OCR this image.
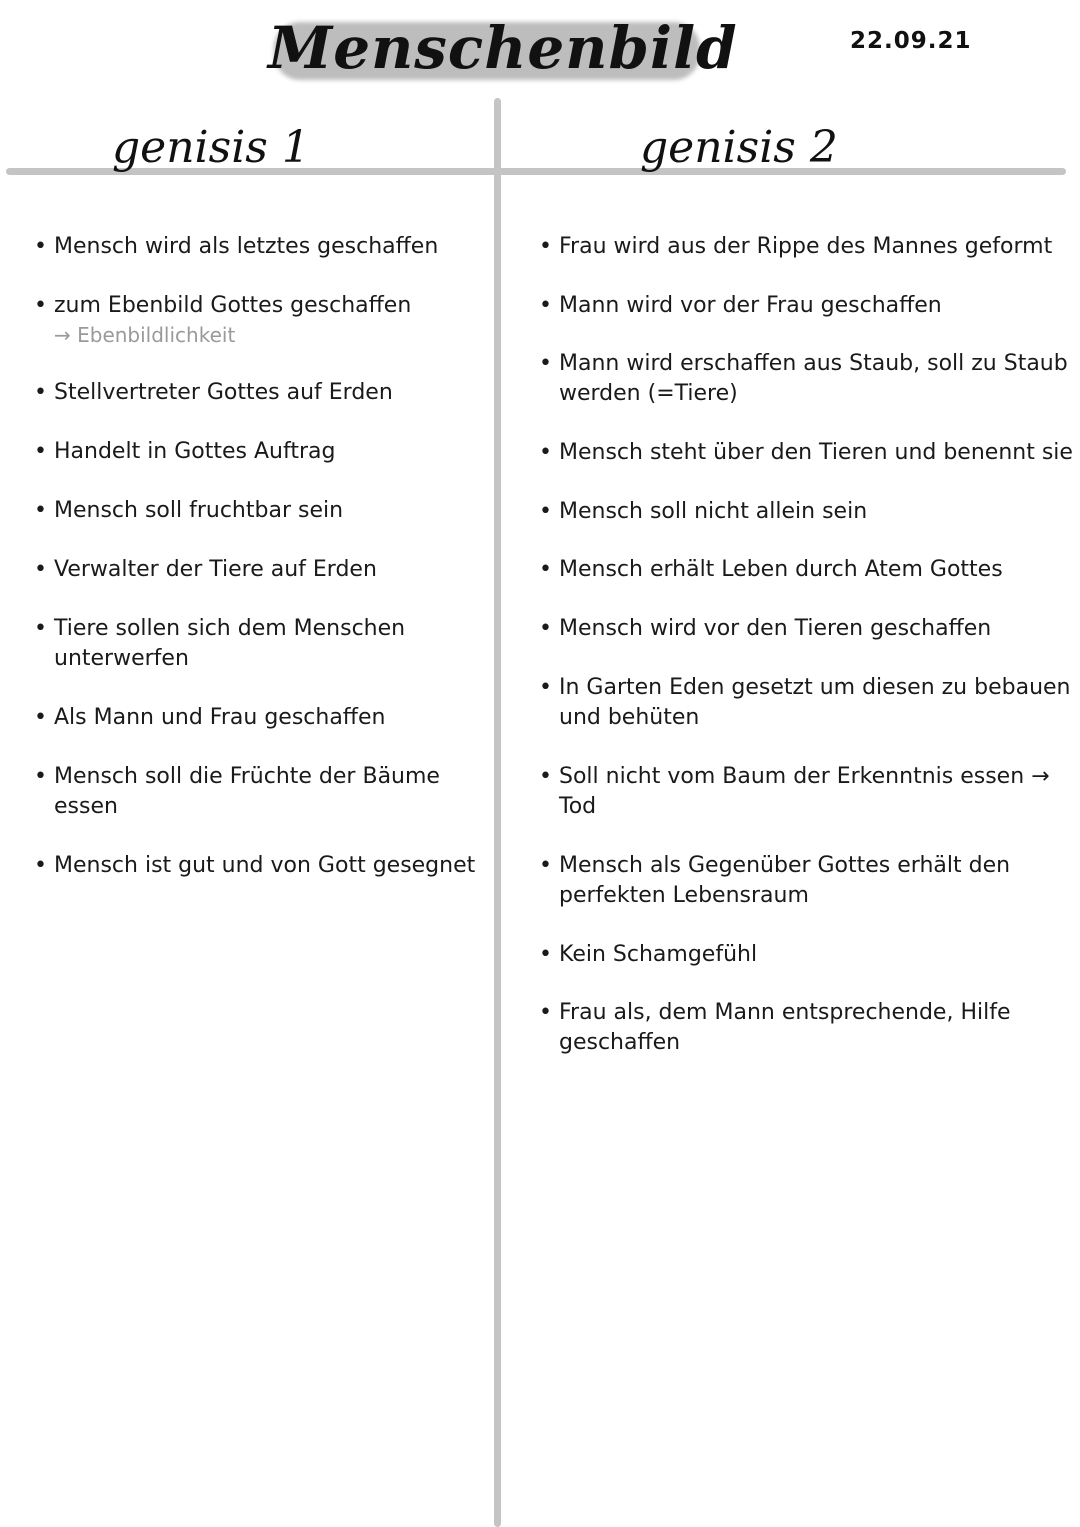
Menschenbild	22.09.21
genisis 1	genisis 2
• Mensch wird als letztes geschaffen
• zum Ebenbild Gottes geschaffen
→ Ebenbildlichkeit
• Stellvertreter Gottes auf Erden
• Handelt in Gottes Auftrag
• Mensch soll fruchtbar sein
• Verwalter der Tiere auf Erden
• Tiere sollen sich dem Menschen unterwerfen
• Als Mann und Frau geschaffen
• Mensch soll die Früchte der Bäume essen
• Mensch ist gut und von Gott gesegnet
• Frau wird aus der Rippe des Mannes geformt
• Mann wird vor der Frau geschaffen
• Mann wird erschaffen aus Staub, soll zu Staub werden (=Tiere)
• Mensch steht über den Tieren und benennt sie
• Mensch soll nicht allein sein
• Mensch erhält Leben durch Atem Gottes
• Mensch wird vor den Tieren geschaffen
• In Garten Eden gesetzt um diesen zu bebauen und behüten
• Soll nicht vom Baum der Erkenntnis essen → Tod
• Mensch als Gegenüber Gottes erhält den perfekten Lebensraum
• Kein Schamgefühl
• Frau als, dem Mann entsprechende, Hilfe geschaffen
